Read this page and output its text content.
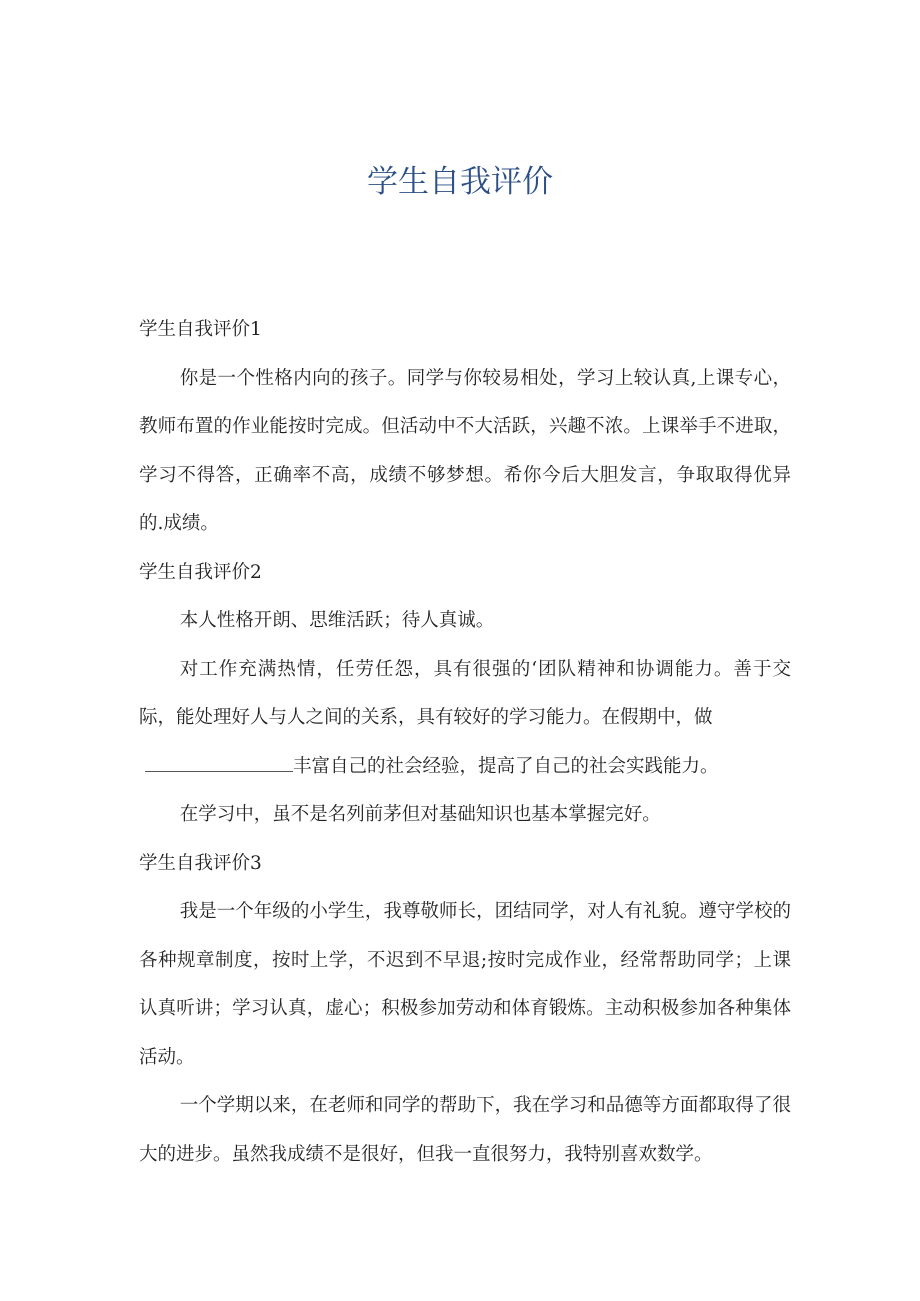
学生自我评价

学生自我评价1

你是一个性格内向的孩子。同学与你较易相处，学习上较认真,上课专心，教师布置的作业能按时完成。但活动中不大活跃，兴趣不浓。上课举手不进取，学习不得答，正确率不高，成绩不够梦想。希你今后大胆发言，争取取得优异的.成绩。

学生自我评价2

本人性格开朗、思维活跃；待人真诚。

对工作充满热情，任劳任怨，具有很强的‘团队精神和协调能力。善于交际，能处理好人与人之间的关系，具有较好的学习能力。在假期中，做

丰富自己的社会经验，提高了自己的社会实践能力。

在学习中，虽不是名列前茅但对基础知识也基本掌握完好。

学生自我评价3

我是一个年级的小学生，我尊敬师长，团结同学，对人有礼貌。遵守学校的各种规章制度，按时上学，不迟到不早退;按时完成作业，经常帮助同学；上课认真听讲；学习认真，虚心；积极参加劳动和体育锻炼。主动积极参加各种集体活动。

一个学期以来，在老师和同学的帮助下，我在学习和品德等方面都取得了很大的进步。虽然我成绩不是很好，但我一直很努力，我特别喜欢数学。
